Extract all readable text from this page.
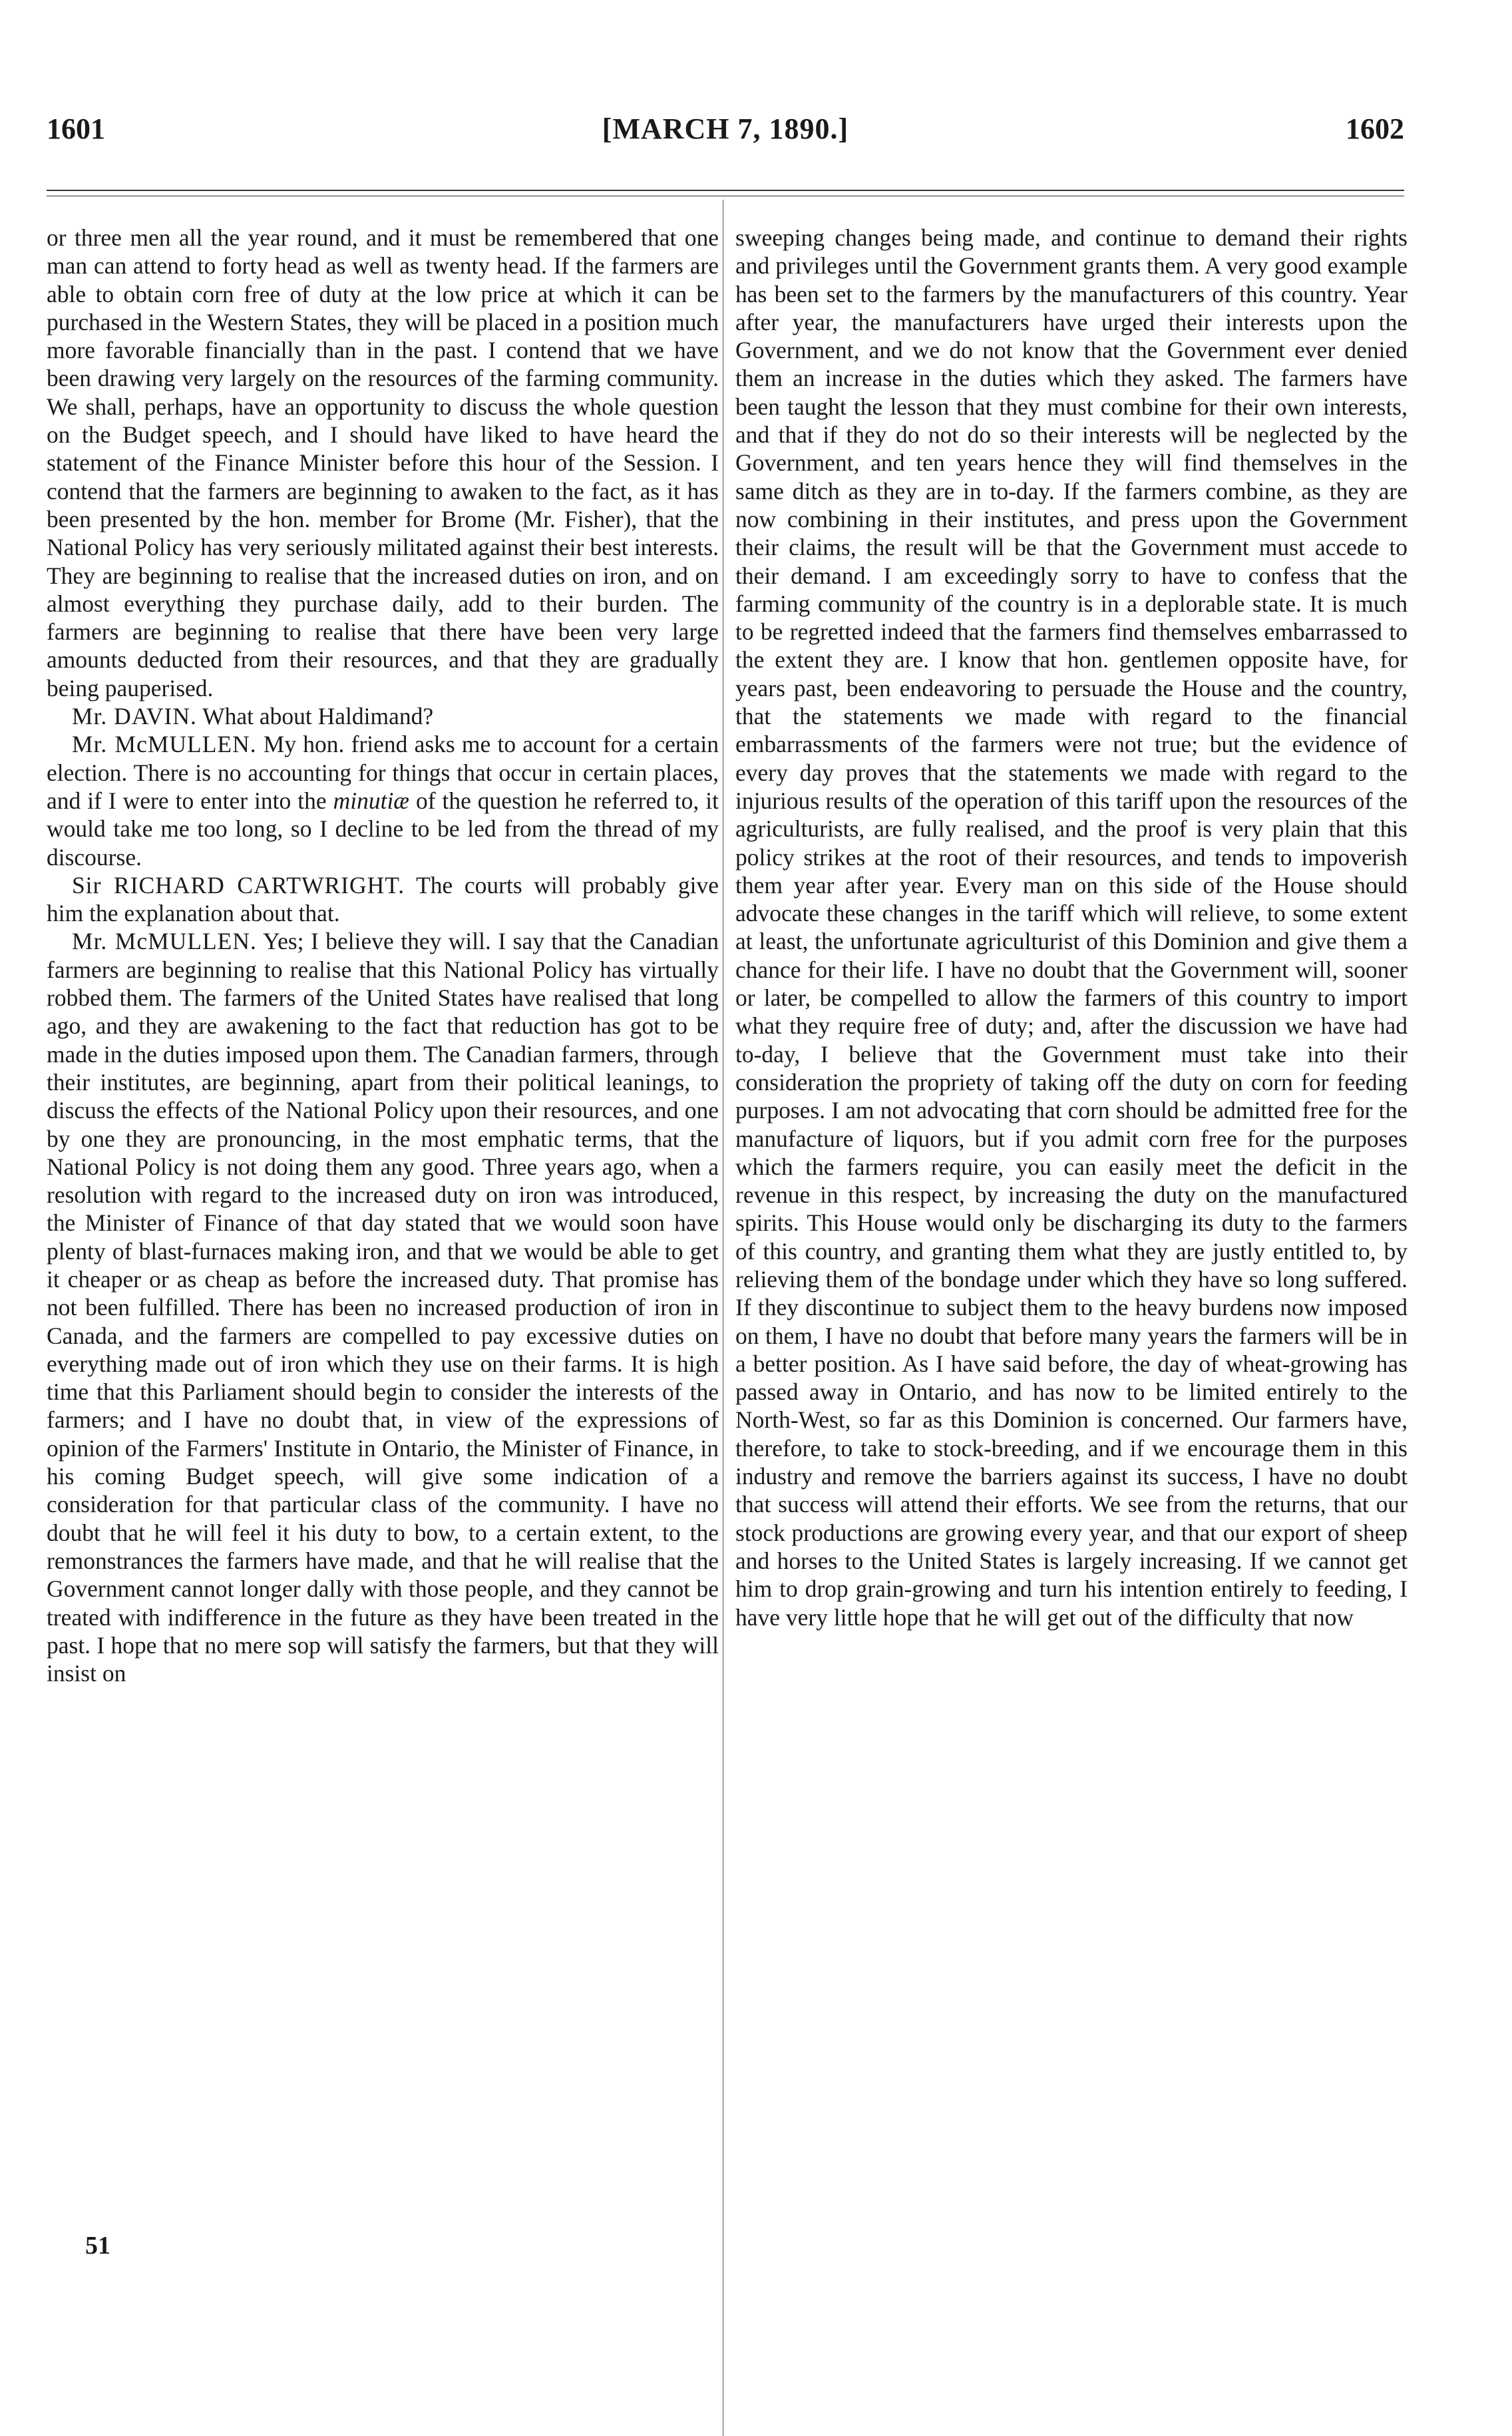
1601	[MARCH 7, 1890.]	1602

or three men all the year round, and it must be remembered that one man can attend to forty head as well as twenty head. If the farmers are able to obtain corn free of duty at the low price at which it can be purchased in the Western States, they will be placed in a position much more favorable financially than in the past. I contend that we have been drawing very largely on the resources of the farming community. We shall, perhaps, have an opportunity to discuss the whole question on the Budget speech, and I should have liked to have heard the statement of the Finance Minister before this hour of the Session. I contend that the farmers are beginning to awaken to the fact, as it has been presented by the hon. member for Brome (Mr. Fisher), that the National Policy has very seriously militated against their best interests. They are beginning to realise that the increased duties on iron, and on almost everything they purchase daily, add to their burden. The farmers are beginning to realise that there have been very large amounts deducted from their resources, and that they are gradually being pauperised.

Mr. DAVIN. What about Haldimand?

Mr. McMULLEN. My hon. friend asks me to account for a certain election. There is no accounting for things that occur in certain places, and if I were to enter into the minutiæ of the question he referred to, it would take me too long, so I decline to be led from the thread of my discourse.

Sir RICHARD CARTWRIGHT. The courts will probably give him the explanation about that.

Mr. McMULLEN. Yes; I believe they will. I say that the Canadian farmers are beginning to realise that this National Policy has virtually robbed them. The farmers of the United States have realised that long ago, and they are awakening to the fact that reduction has got to be made in the duties imposed upon them. The Canadian farmers, through their institutes, are beginning, apart from their political leanings, to discuss the effects of the National Policy upon their resources, and one by one they are pronouncing, in the most emphatic terms, that the National Policy is not doing them any good. Three years ago, when a resolution with regard to the increased duty on iron was introduced, the Minister of Finance of that day stated that we would soon have plenty of blast-furnaces making iron, and that we would be able to get it cheaper or as cheap as before the increased duty. That promise has not been fulfilled. There has been no increased production of iron in Canada, and the farmers are compelled to pay excessive duties on everything made out of iron which they use on their farms. It is high time that this Parliament should begin to consider the interests of the farmers; and I have no doubt that, in view of the expressions of opinion of the Farmers' Institute in Ontario, the Minister of Finance, in his coming Budget speech, will give some indication of a consideration for that particular class of the community. I have no doubt that he will feel it his duty to bow, to a certain extent, to the remonstrances the farmers have made, and that he will realise that the Government cannot longer dally with those people, and they cannot be treated with indifference in the future as they have been treated in the past. I hope that no mere sop will satisfy the farmers, but that they will insist on

sweeping changes being made, and continue to demand their rights and privileges until the Government grants them. A very good example has been set to the farmers by the manufacturers of this country. Year after year, the manufacturers have urged their interests upon the Government, and we do not know that the Government ever denied them an increase in the duties which they asked. The farmers have been taught the lesson that they must combine for their own interests, and that if they do not do so their interests will be neglected by the Government, and ten years hence they will find themselves in the same ditch as they are in to-day. If the farmers combine, as they are now combining in their institutes, and press upon the Government their claims, the result will be that the Government must accede to their demand. I am exceedingly sorry to have to confess that the farming community of the country is in a deplorable state. It is much to be regretted indeed that the farmers find themselves embarrassed to the extent they are. I know that hon. gentlemen opposite have, for years past, been endeavoring to persuade the House and the country, that the statements we made with regard to the financial embarrassments of the farmers were not true; but the evidence of every day proves that the statements we made with regard to the injurious results of the operation of this tariff upon the resources of the agriculturists, are fully realised, and the proof is very plain that this policy strikes at the root of their resources, and tends to impoverish them year after year. Every man on this side of the House should advocate these changes in the tariff which will relieve, to some extent at least, the unfortunate agriculturist of this Dominion and give them a chance for their life. I have no doubt that the Government will, sooner or later, be compelled to allow the farmers of this country to import what they require free of duty; and, after the discussion we have had to-day, I believe that the Government must take into their consideration the propriety of taking off the duty on corn for feeding purposes. I am not advocating that corn should be admitted free for the manufacture of liquors, but if you admit corn free for the purposes which the farmers require, you can easily meet the deficit in the revenue in this respect, by increasing the duty on the manufactured spirits. This House would only be discharging its duty to the farmers of this country, and granting them what they are justly entitled to, by relieving them of the bondage under which they have so long suffered. If they discontinue to subject them to the heavy burdens now imposed on them, I have no doubt that before many years the farmers will be in a better position. As I have said before, the day of wheat-growing has passed away in Ontario, and has now to be limited entirely to the North-West, so far as this Dominion is concerned. Our farmers have, therefore, to take to stock-breeding, and if we encourage them in this industry and remove the barriers against its success, I have no doubt that success will attend their efforts. We see from the returns, that our stock productions are growing every year, and that our export of sheep and horses to the United States is largely increasing. If we cannot get him to drop grain-growing and turn his intention entirely to feeding, I have very little hope that he will get out of the difficulty that now

51
